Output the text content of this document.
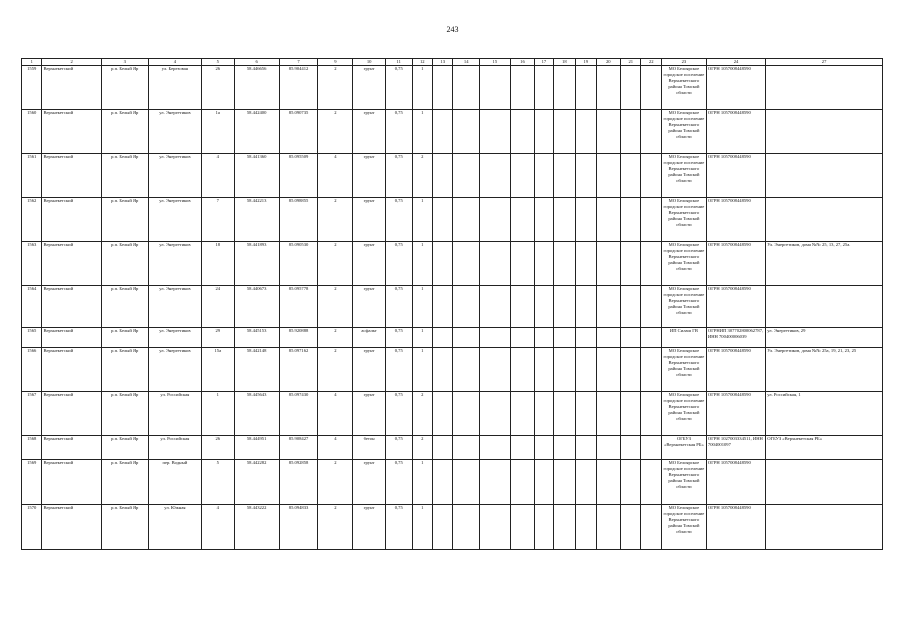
243
1	2	3	4	5	6	7	9	10	11	12	13	14	15	16	17	18	19	20	21	22	23	24	27
1559	Верхнекетский	р.п. Белый Яр	ул. Березовая	26	58.446656	85.904412	2	грунт	0,75	1											МО Белоярское городское поселение Верхнекетского района Томской области	ОГРН 1057008448590	
1560	Верхнекетский	р.п. Белый Яр	ул. Энергетиков	1а	58.442400	85.090735	2	грунт	0,75	1											МО Белоярское городское поселение Верхнекетского района Томской области	ОГРН 1057008448590	
1561	Верхнекетский	р.п. Белый Яр	ул. Энергетиков	4	58.441360	85.095509	4	грунт	0,75	2											МО Белоярское городское поселение Верхнекетского района Томской области	ОГРН 1057008448590	
1562	Верхнекетский	р.п. Белый Яр	ул. Энергетиков	7	58.442213	85.098855	2	грунт	0,75	1											МО Белоярское городское поселение Верхнекетского района Томской области	ОГРН 1057008448590	
1563	Верхнекетский	р.п. Белый Яр	ул. Энергетиков	18	58.441893	85.090530	2	грунт	0,75	1											МО Белоярское городское поселение Верхнекетского района Томской области	ОГРН 1057008448590	Ул. Энергетиков, дома №№ 25, 13, 27, 25а.
1564	Верхнекетский	р.п. Белый Яр	ул. Энергетиков	24	58.440673	85.095778	2	грунт	0,75	1											МО Белоярское городское поселение Верхнекетского района Томской области	ОГРН 1057008448590	
1565	Верхнекетский	р.п. Белый Яр	ул. Энергетиков	29	58.445153	85.920888	2	асфальт	0,75	1											ИП Силаш ГВ	ОГРНИП 307702800062787, ИНН 700400006039	ул. Энергетиков, 29
1566	Верхнекетский	р.п. Белый Яр	ул. Энергетиков	15а	58.442148	85.097162	2	грунт	0,75	1											МО Белоярское городское поселение Верхнекетского района Томской области	ОГРН 1057008448590	Ул. Энергетиков, дома №№ 25а, 19, 21, 23, 25
1567	Верхнекетский	р.п. Белый Яр	ул. Российская	1	58.445643	85.097430	4	грунт	0,75	2											МО Белоярское городское поселение Верхнекетского района Томской области	ОГРН 1057008448590	ул. Российская, 1
1568	Верхнекетский	р.п. Белый Яр	ул. Российская	26	58.444951	85.908427	4	бетон	0,75	2											ОГБУЗ «Верхнекетская РБ»	ОГРН 1027003334511, ИНН 7004001097	ОГБУЗ «Верхнекетская РБ»
1569	Верхнекетский	р.п. Белый Яр	пер. Водный	5	58.442282	85.092858	2	грунт	0,75	1											МО Белоярское городское поселение Верхнекетского района Томской области	ОГРН 1057008448590	
1570	Верхнекетский	р.п. Белый Яр	ул. Южная	4	58.443222	85.094833	2	грунт	0,75	1											МО Белоярское городское поселение Верхнекетского района Томской области	ОГРН 1057008448590	
